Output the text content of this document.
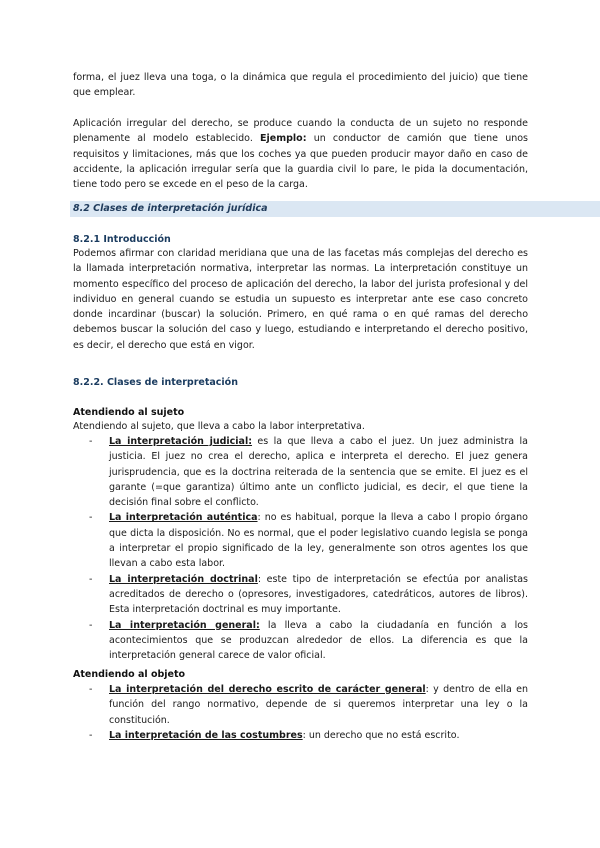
forma, el juez lleva una toga, o la dinámica que regula el procedimiento del juicio) que tiene que emplear.

Aplicación irregular del derecho, se produce cuando la conducta de un sujeto no responde plenamente al modelo establecido. Ejemplo: un conductor de camión que tiene unos requisitos y limitaciones, más que los coches ya que pueden producir mayor daño en caso de accidente, la aplicación irregular sería que la guardia civil lo pare, le pida la documentación, tiene todo pero se excede en el peso de la carga.

8.2 Clases de interpretación jurídica
8.2.1 Introducción

Podemos afirmar con claridad meridiana que una de las facetas más complejas del derecho es la llamada interpretación normativa, interpretar las normas. La interpretación constituye un momento específico del proceso de aplicación del derecho, la labor del jurista profesional y del individuo en general cuando se estudia un supuesto es interpretar ante ese caso concreto donde incardinar (buscar) la solución. Primero, en qué rama o en qué ramas del derecho debemos buscar la solución del caso y luego, estudiando e interpretando el derecho positivo, es decir, el derecho que está en vigor.

8.2.2. Clases de interpretación
Atendiendo al sujeto

Atendiendo al sujeto, que lleva a cabo la labor interpretativa.

- La interpretación judicial: es la que lleva a cabo el juez. Un juez administra la justicia. El juez no crea el derecho, aplica e interpreta el derecho. El juez genera jurisprudencia, que es la doctrina reiterada de la sentencia que se emite. El juez es el garante (=que garantiza) último ante un conflicto judicial, es decir, el que tiene la decisión final sobre el conflicto.
- La interpretación auténtica: no es habitual, porque la lleva a cabo l propio órgano que dicta la disposición. No es normal, que el poder legislativo cuando legisla se ponga a interpretar el propio significado de la ley, generalmente son otros agentes los que llevan a cabo esta labor.
- La interpretación doctrinal: este tipo de interpretación se efectúa por analistas acreditados de derecho o (opresores, investigadores, catedráticos, autores de libros). Esta interpretación doctrinal es muy importante.
- La interpretación general: la lleva a cabo la ciudadanía en función a los acontecimientos que se produzcan alrededor de ellos. La diferencia es que la interpretación general carece de valor oficial.
Atendiendo al objeto
- La interpretación del derecho escrito de carácter general: y dentro de ella en función del rango normativo, depende de si queremos interpretar una ley o la constitución.
- La interpretación de las costumbres: un derecho que no está escrito.
